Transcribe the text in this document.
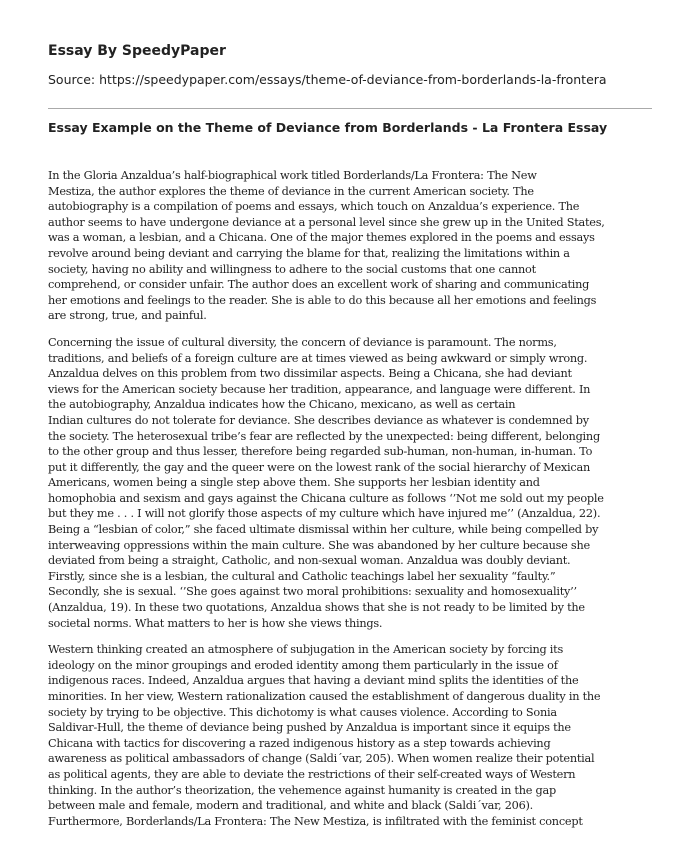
Essay By SpeedyPaper
Source: https://speedypaper.com/essays/theme-of-deviance-from-borderlands-la-frontera
Essay Example on the Theme of Deviance from Borderlands - La Frontera Essay
In the Gloria Anzaldua’s half-biographical work titled Borderlands/La Frontera: The New
Mestiza, the author explores the theme of deviance in the current American society. The
autobiography is a compilation of poems and essays, which touch on Anzaldua’s experience. The
author seems to have undergone deviance at a personal level since she grew up in the United States,
was a woman, a lesbian, and a Chicana. One of the major themes explored in the poems and essays
revolve around being deviant and carrying the blame for that, realizing the limitations within a
society, having no ability and willingness to adhere to the social customs that one cannot
comprehend, or consider unfair. The author does an excellent work of sharing and communicating
her emotions and feelings to the reader. She is able to do this because all her emotions and feelings
are strong, true, and painful.
Concerning the issue of cultural diversity, the concern of deviance is paramount. The norms,
traditions, and beliefs of a foreign culture are at times viewed as being awkward or simply wrong.
Anzaldua delves on this problem from two dissimilar aspects. Being a Chicana, she had deviant
views for the American society because her tradition, appearance, and language were different. In
the autobiography, Anzaldua indicates how the Chicano, mexicano, as well as certain
Indian cultures do not tolerate for deviance. She describes deviance as whatever is condemned by
the society. The heterosexual tribe’s fear are reflected by the unexpected: being different, belonging
to the other group and thus lesser, therefore being regarded sub-human, non-human, in-human. To
put it differently, the gay and the queer were on the lowest rank of the social hierarchy of Mexican
Americans, women being a single step above them. She supports her lesbian identity and
homophobia and sexism and gays against the Chicana culture as follows ‘’Not me sold out my people
but they me . . . I will not glorify those aspects of my culture which have injured me’’ (Anzaldua, 22).
Being a “lesbian of color,” she faced ultimate dismissal within her culture, while being compelled by
interweaving oppressions within the main culture. She was abandoned by her culture because she
deviated from being a straight, Catholic, and non-sexual woman. Anzaldua was doubly deviant.
Firstly, since she is a lesbian, the cultural and Catholic teachings label her sexuality “faulty.”
Secondly, she is sexual. ‘’She goes against two moral prohibitions: sexuality and homosexuality’’
(Anzaldua, 19). In these two quotations, Anzaldua shows that she is not ready to be limited by the
societal norms. What matters to her is how she views things.
Western thinking created an atmosphere of subjugation in the American society by forcing its
ideology on the minor groupings and eroded identity among them particularly in the issue of
indigenous races. Indeed, Anzaldua argues that having a deviant mind splits the identities of the
minorities. In her view, Western rationalization caused the establishment of dangerous duality in the
society by trying to be objective. This dichotomy is what causes violence. According to Sonia
Saldivar-Hull, the theme of deviance being pushed by Anzaldua is important since it equips the
Chicana with tactics for discovering a razed indigenous history as a step towards achieving
awareness as political ambassadors of change (Saldi´var, 205). When women realize their potential
as political agents, they are able to deviate the restrictions of their self-created ways of Western
thinking. In the author’s theorization, the vehemence against humanity is created in the gap
between male and female, modern and traditional, and white and black (Saldi´var, 206).
Furthermore, Borderlands/La Frontera: The New Mestiza, is infiltrated with the feminist concept
